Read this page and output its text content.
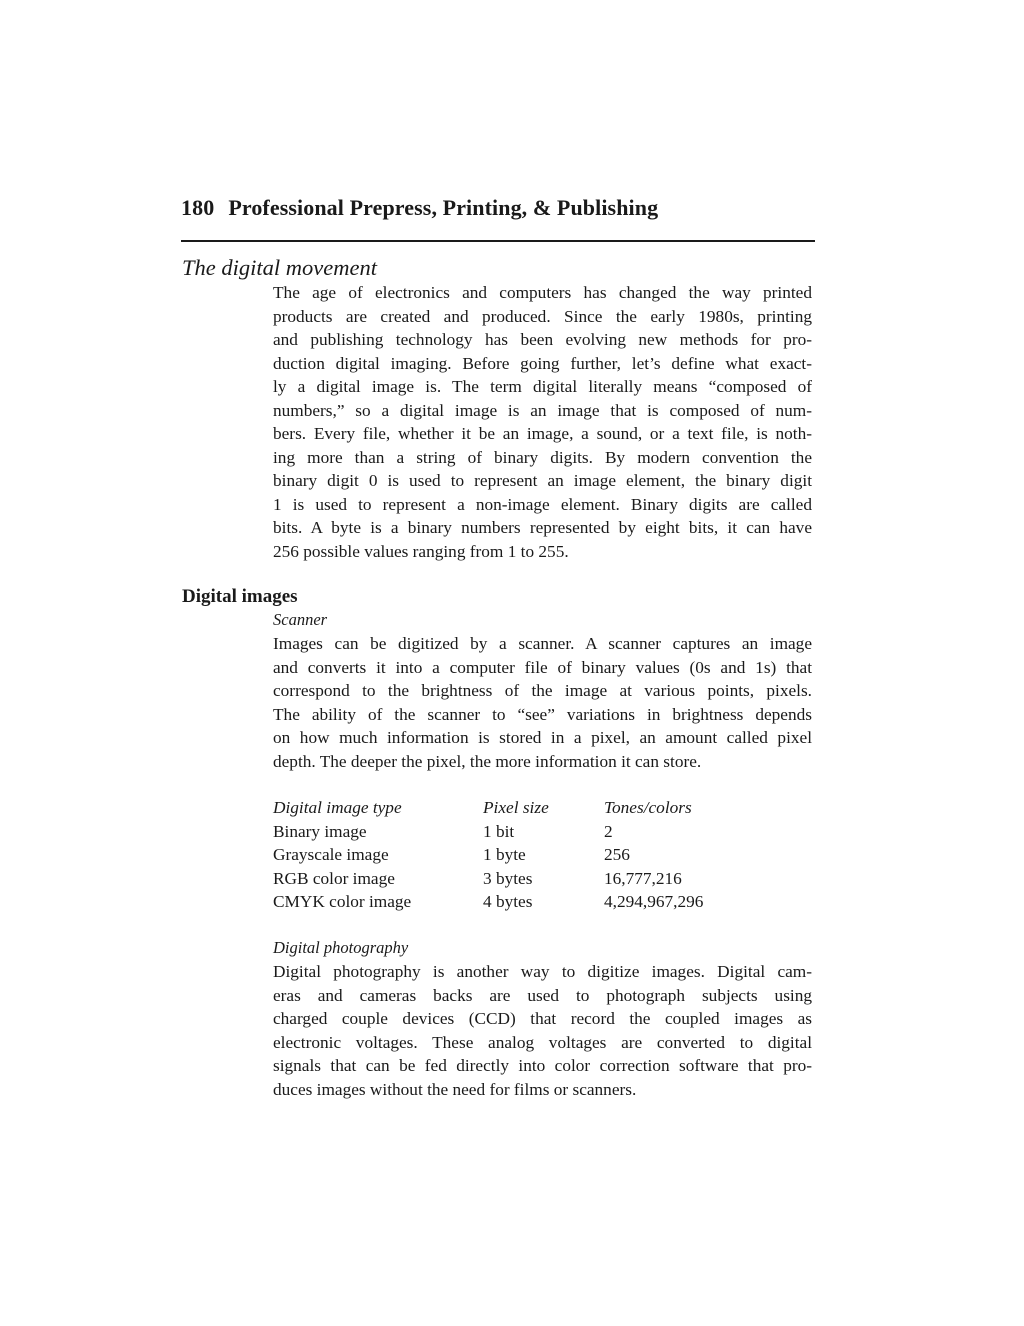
180 Professional Prepress, Printing, & Publishing
The digital movement
The age of electronics and computers has changed the way printed
products are created and produced. Since the early 1980s, printing
and publishing technology has been evolving new methods for pro-
duction digital imaging. Before going further, let’s define what exact-
ly a digital image is. The term digital literally means “composed of
numbers,” so a digital image is an image that is composed of num-
bers. Every file, whether it be an image, a sound, or a text file, is noth-
ing more than a string of binary digits. By modern convention the
binary digit 0 is used to represent an image element, the binary digit
1 is used to represent a non-image element. Binary digits are called
bits. A byte is a binary numbers represented by eight bits, it can have
256 possible values ranging from 1 to 255.
Digital images
Scanner
Images can be digitized by a scanner. A scanner captures an image
and converts it into a computer file of binary values (0s and 1s) that
correspond to the brightness of the image at various points, pixels.
The ability of the scanner to “see” variations in brightness depends
on how much information is stored in a pixel, an amount called pixel
depth. The deeper the pixel, the more information it can store.
Digital image type	Pixel size	Tones/colors
Binary image	1 bit	2
Grayscale image	1 byte	256
RGB color image	3 bytes	16,777,216
CMYK color image	4 bytes	4,294,967,296
Digital photography
Digital photography is another way to digitize images. Digital cam-
eras and cameras backs are used to photograph subjects using
charged couple devices (CCD) that record the coupled images as
electronic voltages. These analog voltages are converted to digital
signals that can be fed directly into color correction software that pro-
duces images without the need for films or scanners.
